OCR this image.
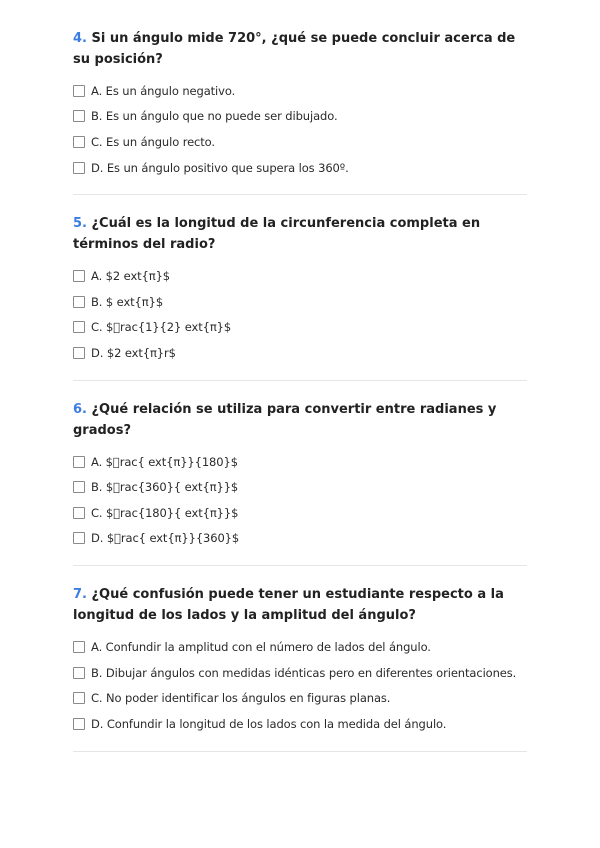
4. Si un ángulo mide 720°, ¿qué se puede concluir acerca de su posición?

A. Es un ángulo negativo.
B. Es un ángulo que no puede ser dibujado.
C. Es un ángulo recto.
D. Es un ángulo positivo que supera los 360º.

5. ¿Cuál es la longitud de la circunferencia completa en términos del radio?

A. $2 ext{π}$
B. $ ext{π}$
C. $ rac{1}{2} ext{π}$
D. $2 ext{π}r$

6. ¿Qué relación se utiliza para convertir entre radianes y grados?

A. $ rac{ ext{π}}{180}$
B. $ rac{360}{ ext{π}}$
C. $ rac{180}{ ext{π}}$
D. $ rac{ ext{π}}{360}$

7. ¿Qué confusión puede tener un estudiante respecto a la longitud de los lados y la amplitud del ángulo?

A. Confundir la amplitud con el número de lados del ángulo.
B. Dibujar ángulos con medidas idénticas pero en diferentes orientaciones.
C. No poder identificar los ángulos en figuras planas.
D. Confundir la longitud de los lados con la medida del ángulo.
